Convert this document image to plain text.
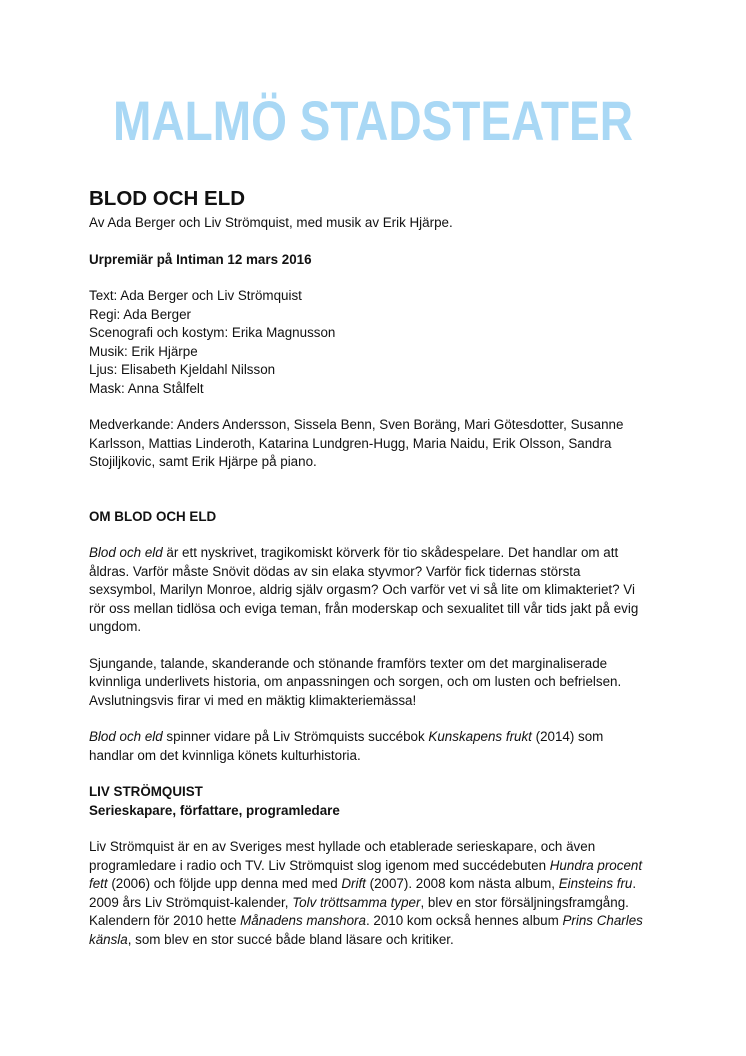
MALMÖ STADSTEATER

BLOD OCH ELD

Av Ada Berger och Liv Strömquist, med musik av Erik Hjärpe.

Urpremiär på Intiman 12 mars 2016

Text: Ada Berger och Liv Strömquist

Regi: Ada Berger

Scenografi och kostym: Erika Magnusson

Musik: Erik Hjärpe

Ljus: Elisabeth Kjeldahl Nilsson

Mask: Anna Stålfelt

Medverkande: Anders Andersson, Sissela Benn, Sven Boräng, Mari Götesdotter, Susanne Karlsson, Mattias Linderoth, Katarina Lundgren-Hugg, Maria Naidu, Erik Olsson, Sandra Stojiljkovic, samt Erik Hjärpe på piano.

OM BLOD OCH ELD

Blod och eld är ett nyskrivet, tragikomiskt körverk för tio skådespelare. Det handlar om att åldras. Varför måste Snövit dödas av sin elaka styvmor? Varför fick tidernas största sexsymbol, Marilyn Monroe, aldrig själv orgasm? Och varför vet vi så lite om klimakteriet? Vi rör oss mellan tidlösa och eviga teman, från moderskap och sexualitet till vår tids jakt på evig ungdom.

Sjungande, talande, skanderande och stönande framförs texter om det marginaliserade kvinnliga underlivets historia, om anpassningen och sorgen, och om lusten och befrielsen. Avslutningsvis firar vi med en mäktig klimakteriemässa!

Blod och eld spinner vidare på Liv Strömquists succébok Kunskapens frukt (2014) som handlar om det kvinnliga könets kulturhistoria.

LIV STRÖMQUIST

Serieskapare, författare, programledare

Liv Strömquist är en av Sveriges mest hyllade och etablerade serieskapare, och även programledare i radio och TV. Liv Strömquist slog igenom med succédebuten Hundra procent fett (2006) och följde upp denna med med Drift (2007). 2008 kom nästa album, Einsteins fru. 2009 års Liv Strömquist-kalender, Tolv tröttsamma typer, blev en stor försäljningsframgång. Kalendern för 2010 hette Månadens manshora. 2010 kom också hennes album Prins Charles känsla, som blev en stor succé både bland läsare och kritiker.
